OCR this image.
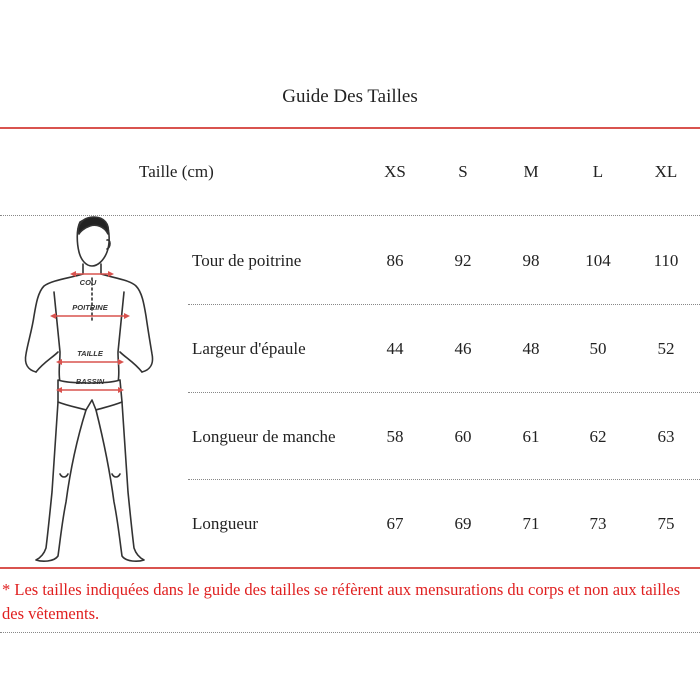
Guide Des Tailles
Taille (cm)	XS	S	M	L	XL
Tour de poitrine	86	92	98	104	110
Largeur d'épaule	44	46	48	50	52
Longueur de manche	58	60	61	62	63
Longueur	67	69	71	73	75
COU
POITRINE
TAILLE
BASSIN
* Les tailles indiquées dans le guide des tailles se réfèrent aux mensurations du corps et non aux tailles des vêtements.
